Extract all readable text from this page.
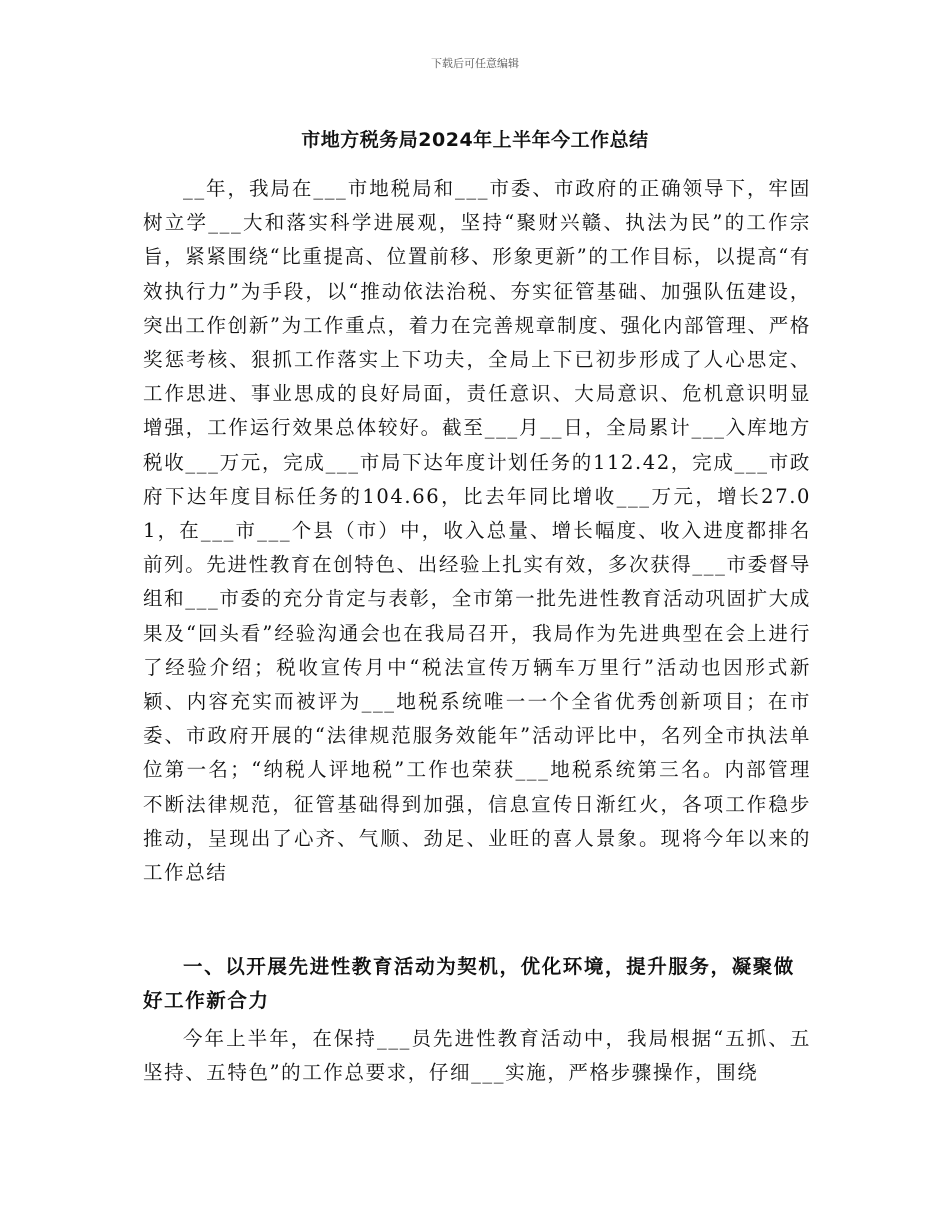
下载后可任意编辑
市地方税务局2024年上半年今工作总结

__年，我局在___市地税局和___市委、市政府的正确领导下，牢固树立学___大和落实科学进展观，坚持“聚财兴赣、执法为民”的工作宗旨，紧紧围绕“比重提高、位置前移、形象更新”的工作目标，以提高“有效执行力”为手段，以“推动依法治税、夯实征管基础、加强队伍建设，突出工作创新”为工作重点，着力在完善规章制度、强化内部管理、严格奖惩考核、狠抓工作落实上下功夫，全局上下已初步形成了人心思定、工作思进、事业思成的良好局面，责任意识、大局意识、危机意识明显增强，工作运行效果总体较好。截至___月__日，全局累计___入库地方税收___万元，完成___市局下达年度计划任务的112.42，完成___市政府下达年度目标任务的104.66，比去年同比增收___万元，增长27.01，在___市___个县（市）中，收入总量、增长幅度、收入进度都排名前列。先进性教育在创特色、出经验上扎实有效，多次获得___市委督导组和___市委的充分肯定与表彰，全市第一批先进性教育活动巩固扩大成果及“回头看”经验沟通会也在我局召开，我局作为先进典型在会上进行了经验介绍；税收宣传月中“税法宣传万辆车万里行”活动也因形式新颖、内容充实而被评为___地税系统唯一一个全省优秀创新项目；在市委、市政府开展的“法律规范服务效能年”活动评比中，名列全市执法单位第一名；“纳税人评地税”工作也荣获___地税系统第三名。内部管理不断法律规范，征管基础得到加强，信息宣传日渐红火，各项工作稳步推动，呈现出了心齐、气顺、劲足、业旺的喜人景象。现将今年以来的工作总结

一、以开展先进性教育活动为契机，优化环境，提升服务，凝聚做好工作新合力

今年上半年，在保持___员先进性教育活动中，我局根据“五抓、五坚持、五特色”的工作总要求，仔细___实施，严格步骤操作，围绕
